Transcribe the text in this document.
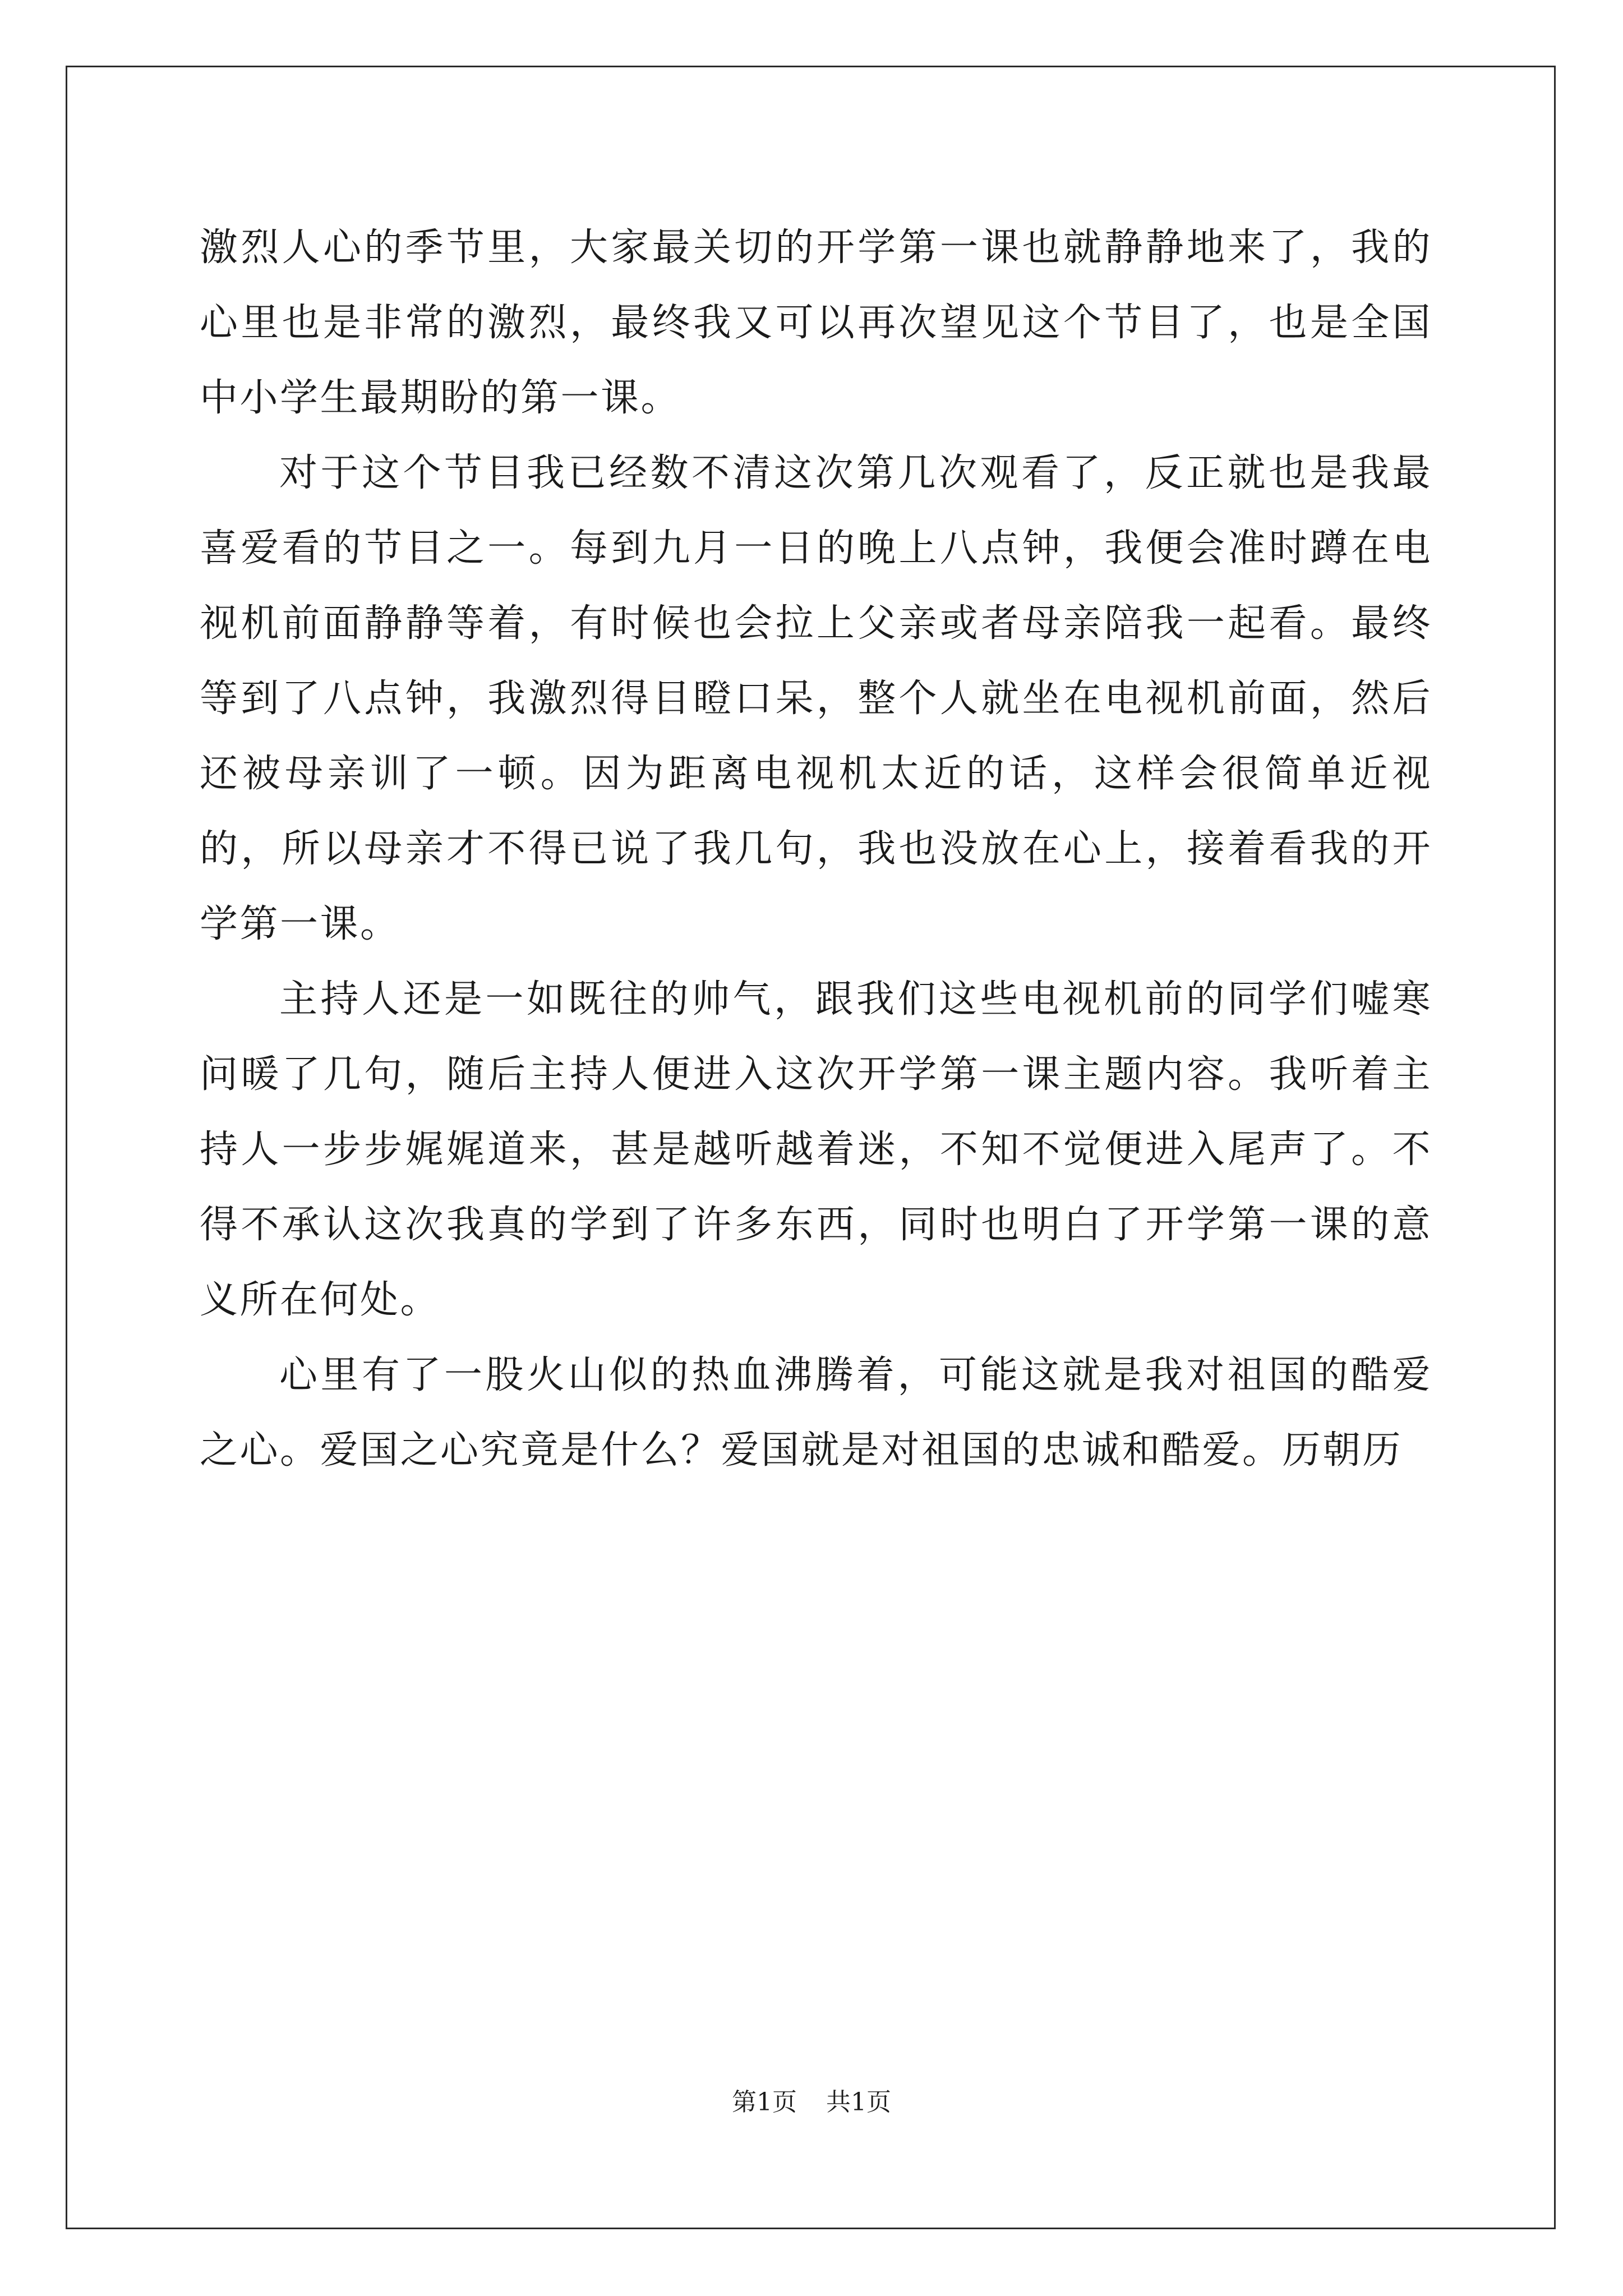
激烈人心的季节里，大家最关切的开学第一课也就静静地来了，我的心里也是非常的激烈，最终我又可以再次望见这个节目了，也是全国中小学生最期盼的第一课。

对于这个节目我已经数不清这次第几次观看了，反正就也是我最喜爱看的节目之一。每到九月一日的晚上八点钟，我便会准时蹲在电视机前面静静等着，有时候也会拉上父亲或者母亲陪我一起看。最终等到了八点钟，我激烈得目瞪口呆，整个人就坐在电视机前面，然后还被母亲训了一顿。因为距离电视机太近的话，这样会很简单近视的，所以母亲才不得已说了我几句，我也没放在心上，接着看我的开学第一课。

主持人还是一如既往的帅气，跟我们这些电视机前的同学们嘘寒问暖了几句，随后主持人便进入这次开学第一课主题内容。我听着主持人一步步娓娓道来，甚是越听越着迷，不知不觉便进入尾声了。不得不承认这次我真的学到了许多东西，同时也明白了开学第一课的意义所在何处。

心里有了一股火山似的热血沸腾着，可能这就是我对祖国的酷爱之心。爱国之心究竟是什么？爱国就是对祖国的忠诚和酷爱。历朝历

第1页 共1页
